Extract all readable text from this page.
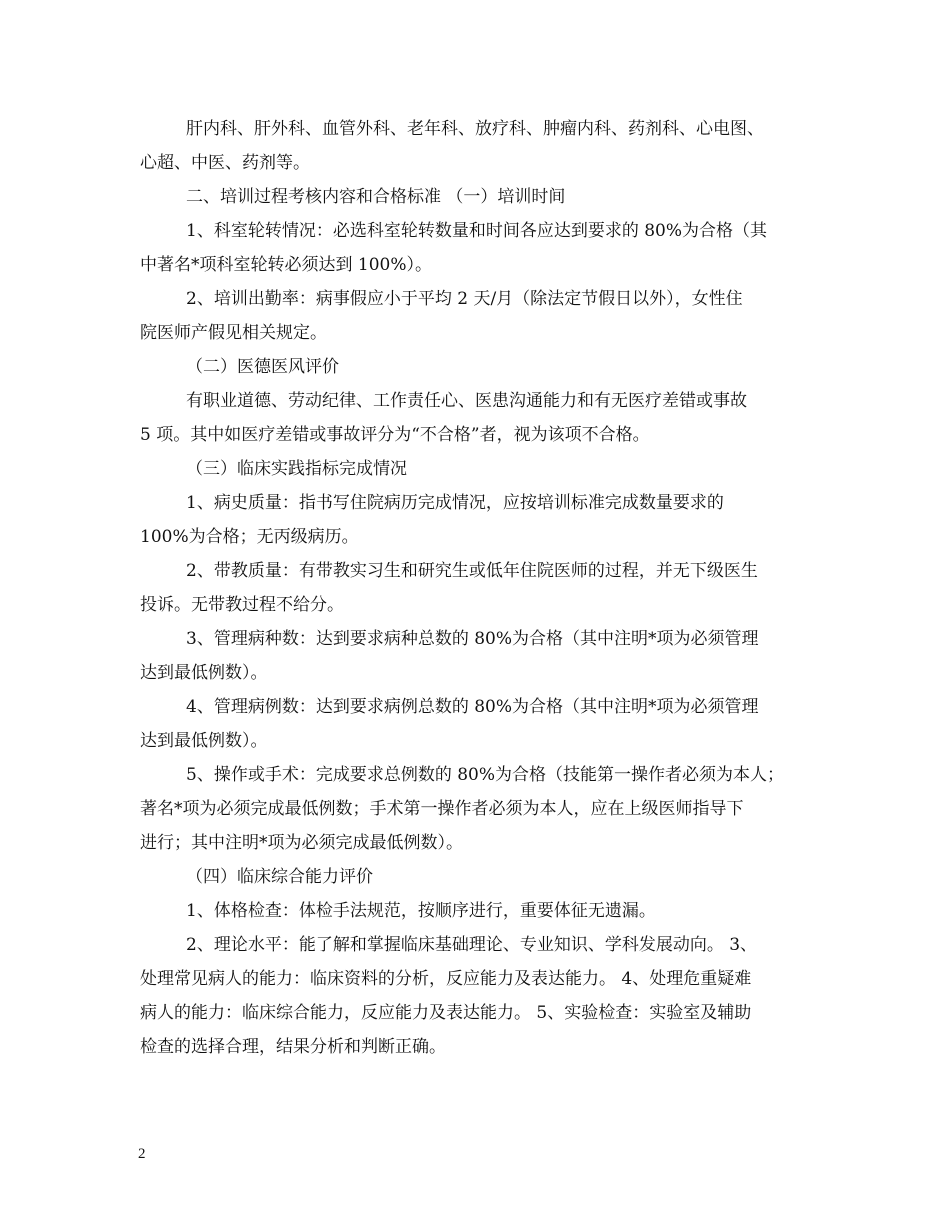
肝内科、肝外科、血管外科、老年科、放疗科、肿瘤内科、药剂科、心电图、
心超、中医、药剂等。

二、培训过程考核内容和合格标准 （一）培训时间

1、科室轮转情况：必选科室轮转数量和时间各应达到要求的 80%为合格（其
中著名*项科室轮转必须达到 100%）。

2、培训出勤率：病事假应小于平均 2 天/月（除法定节假日以外），女性住
院医师产假见相关规定。

（二）医德医风评价

有职业道德、劳动纪律、工作责任心、医患沟通能力和有无医疗差错或事故
5 项。其中如医疗差错或事故评分为“不合格”者，视为该项不合格。

（三）临床实践指标完成情况

1、病史质量：指书写住院病历完成情况，应按培训标准完成数量要求的
100%为合格；无丙级病历。

2、带教质量：有带教实习生和研究生或低年住院医师的过程，并无下级医生
投诉。无带教过程不给分。

3、管理病种数：达到要求病种总数的 80%为合格（其中注明*项为必须管理
达到最低例数）。

4、管理病例数：达到要求病例总数的 80%为合格（其中注明*项为必须管理
达到最低例数）。

5、操作或手术：完成要求总例数的 80%为合格（技能第一操作者必须为本人；
著名*项为必须完成最低例数；手术第一操作者必须为本人，应在上级医师指导下
进行；其中注明*项为必须完成最低例数）。

（四）临床综合能力评价

1、体格检查：体检手法规范，按顺序进行，重要体征无遗漏。

2、理论水平：能了解和掌握临床基础理论、专业知识、学科发展动向。 3、
处理常见病人的能力：临床资料的分析，反应能力及表达能力。 4、处理危重疑难
病人的能力：临床综合能力，反应能力及表达能力。 5、实验检查：实验室及辅助
检查的选择合理，结果分析和判断正确。

2
